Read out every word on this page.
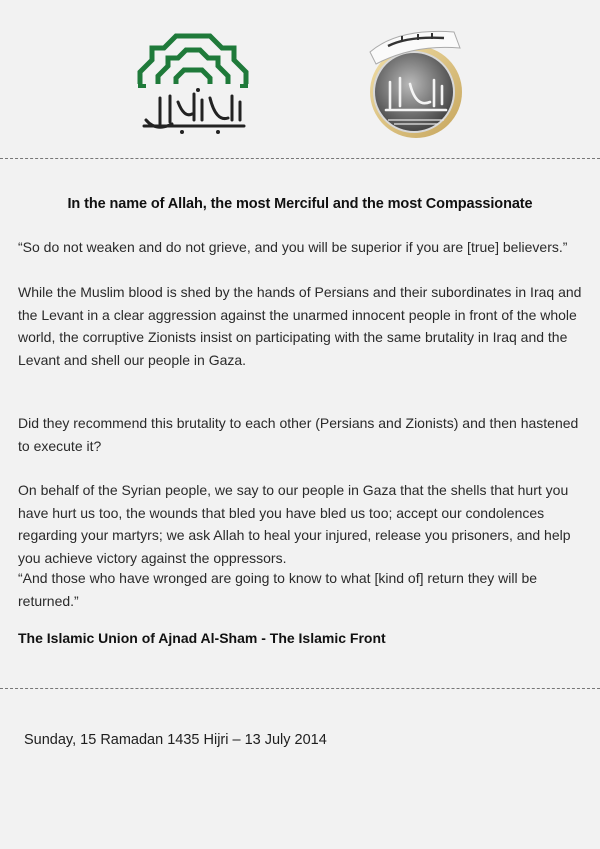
In the name of Allah, the most Merciful and the most Compassionate

“So do not weaken and do not grieve, and you will be superior if you are [true] believers.”

While the Muslim blood is shed by the hands of Persians and their subordinates in Iraq and the Levant in a clear aggression against the unarmed innocent people in front of the whole world, the corruptive Zionists insist on participating with the same brutality in Iraq and the Levant and shell our people in Gaza.

Did they recommend this brutality to each other (Persians and Zionists) and then hastened to execute it?

On behalf of the Syrian people, we say to our people in Gaza that the shells that hurt you have hurt us too, the wounds that bled you have bled us too; accept our condolences regarding your martyrs; we ask Allah to heal your injured, release you prisoners, and help you achieve victory against the oppressors.

“And those who have wronged are going to know to what [kind of] return they will be returned.”

The Islamic Union of Ajnad Al-Sham - The Islamic Front
Sunday, 15 Ramadan 1435 Hijri – 13 July 2014
